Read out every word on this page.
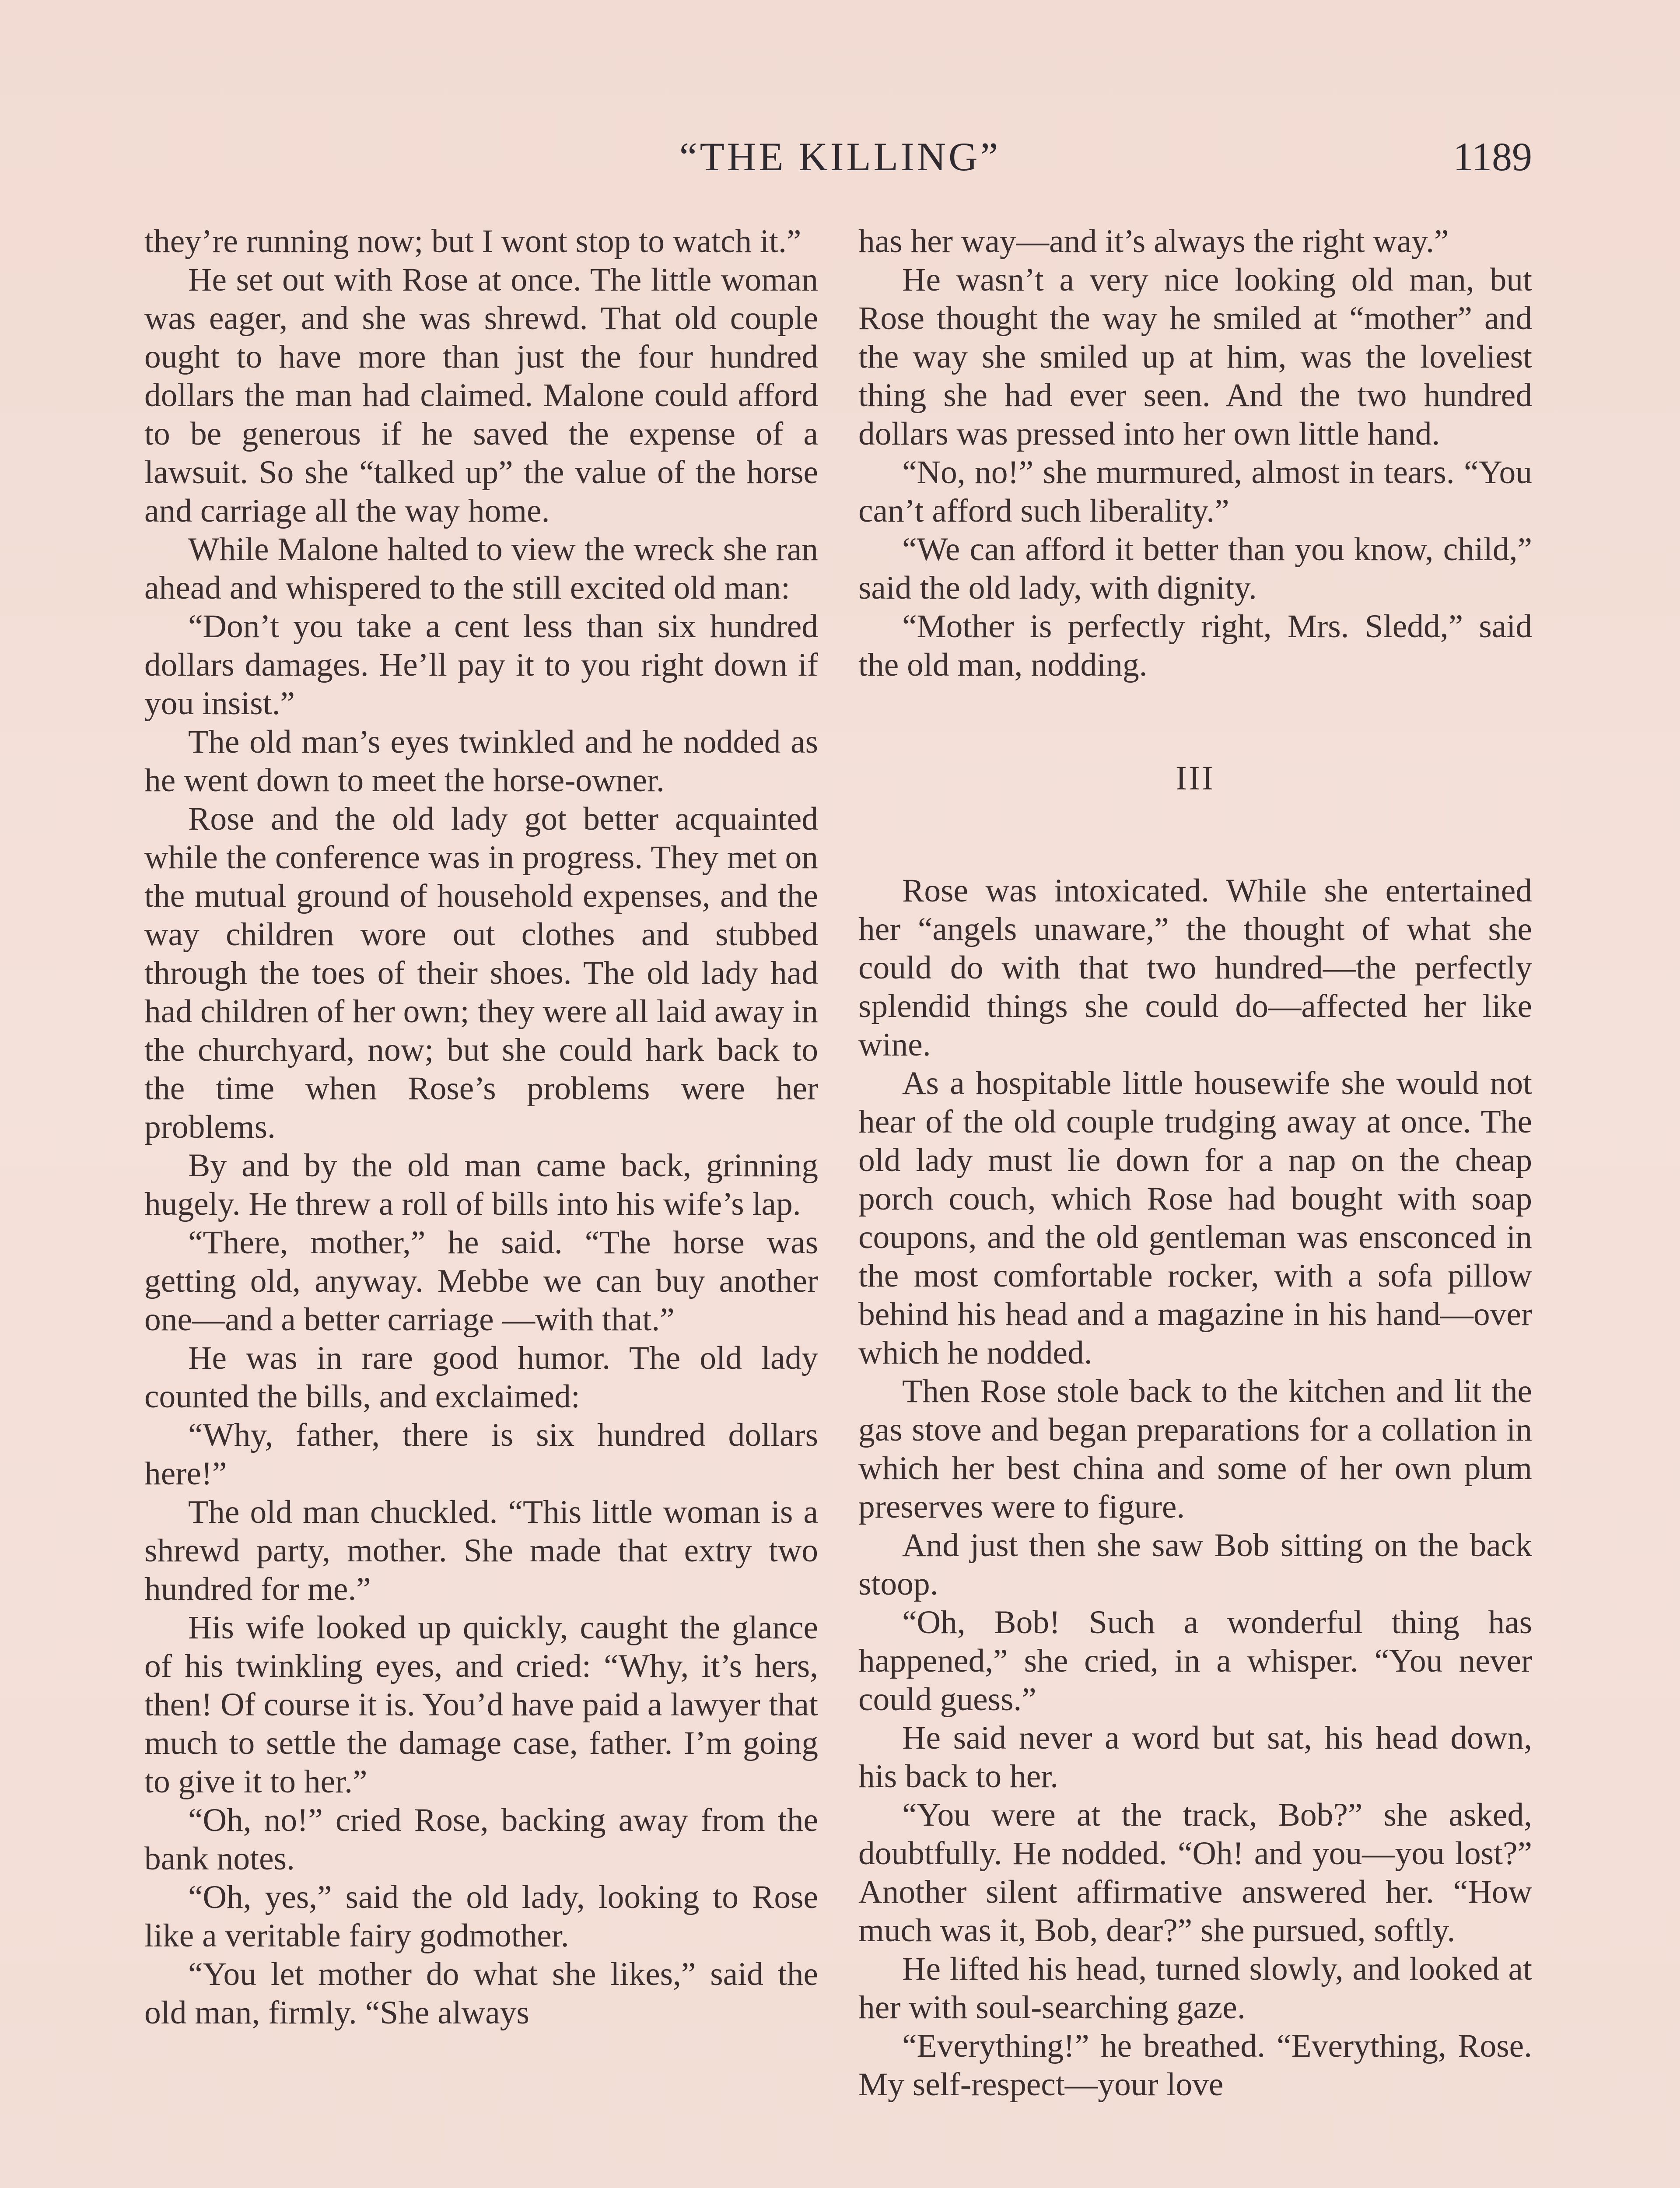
“THE KILLING”	1189

they’re running now; but I wont stop to watch it.”

He set out with Rose at once. The little woman was eager, and she was shrewd. That old couple ought to have more than just the four hundred dollars the man had claimed. Malone could afford to be generous if he saved the expense of a lawsuit. So she “talked up” the value of the horse and carriage all the way home.

While Malone halted to view the wreck she ran ahead and whispered to the still excited old man:

“Don’t you take a cent less than six hundred dollars damages. He’ll pay it to you right down if you insist.”

The old man’s eyes twinkled and he nodded as he went down to meet the horse-owner.

Rose and the old lady got better acquainted while the conference was in progress. They met on the mutual ground of household expenses, and the way children wore out clothes and stubbed through the toes of their shoes. The old lady had had children of her own; they were all laid away in the churchyard, now; but she could hark back to the time when Rose’s problems were her problems.

By and by the old man came back, grinning hugely. He threw a roll of bills into his wife’s lap.

“There, mother,” he said. “The horse was getting old, anyway. Mebbe we can buy another one—and a better carriage —with that.”

He was in rare good humor. The old lady counted the bills, and exclaimed:

“Why, father, there is six hundred dollars here!”

The old man chuckled. “This little woman is a shrewd party, mother. She made that extry two hundred for me.”

His wife looked up quickly, caught the glance of his twinkling eyes, and cried: “Why, it’s hers, then! Of course it is. You’d have paid a lawyer that much to settle the damage case, father. I’m going to give it to her.”

“Oh, no!” cried Rose, backing away from the bank notes.

“Oh, yes,” said the old lady, looking to Rose like a veritable fairy godmother.

“You let mother do what she likes,” said the old man, firmly. “She always

has her way—and it’s always the right way.”

He wasn’t a very nice looking old man, but Rose thought the way he smiled at “mother” and the way she smiled up at him, was the loveliest thing she had ever seen. And the two hundred dollars was pressed into her own little hand.

“No, no!” she murmured, almost in tears. “You can’t afford such liberality.”

“We can afford it better than you know, child,” said the old lady, with dignity.

“Mother is perfectly right, Mrs. Sledd,” said the old man, nodding.

III

Rose was intoxicated. While she entertained her “angels unaware,” the thought of what she could do with that two hundred—the perfectly splendid things she could do—affected her like wine.

As a hospitable little housewife she would not hear of the old couple trudging away at once. The old lady must lie down for a nap on the cheap porch couch, which Rose had bought with soap coupons, and the old gentleman was ensconced in the most comfortable rocker, with a sofa pillow behind his head and a magazine in his hand—over which he nodded.

Then Rose stole back to the kitchen and lit the gas stove and began preparations for a collation in which her best china and some of her own plum preserves were to figure.

And just then she saw Bob sitting on the back stoop.

“Oh, Bob! Such a wonderful thing has happened,” she cried, in a whisper. “You never could guess.”

He said never a word but sat, his head down, his back to her.

“You were at the track, Bob?” she asked, doubtfully. He nodded. “Oh! and you—you lost?” Another silent affirmative answered her. “How much was it, Bob, dear?” she pursued, softly.

He lifted his head, turned slowly, and looked at her with soul-searching gaze.

“Everything!” he breathed. “Everything, Rose. My self-respect—your love
